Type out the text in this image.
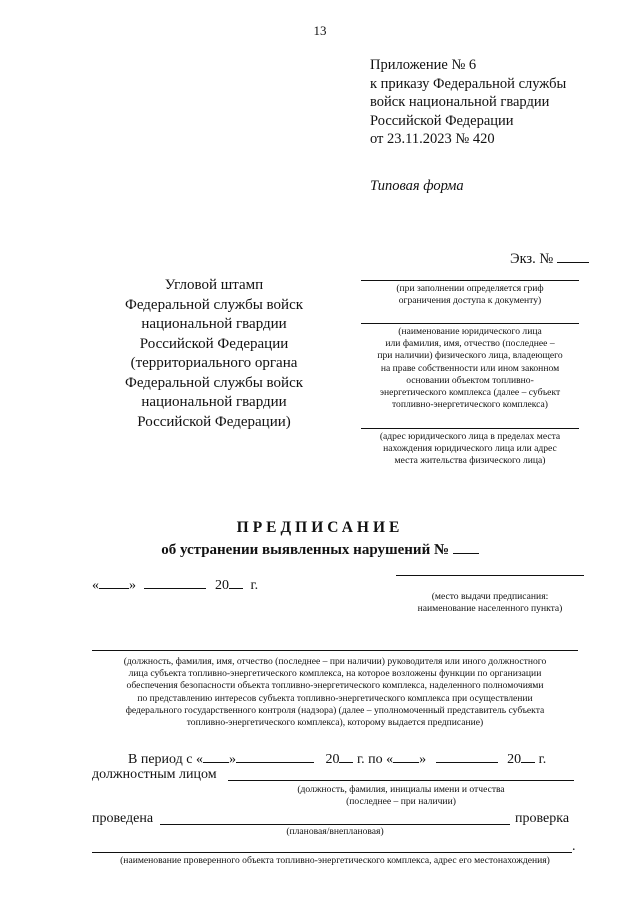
13
Приложение № 6
к приказу Федеральной службы
войск национальной гвардии
Российской Федерации
от 23.11.2023 № 420
Типовая форма
Экз. №
Угловой штамп
Федеральной службы войск
национальной гвардии
Российской Федерации
(территориального органа
Федеральной службы войск
национальной гвардии
Российской Федерации)
(при заполнении определяется гриф
ограничения доступа к документу)
(наименование юридического лица
или фамилия, имя, отчество (последнее –
при наличии) физического лица, владеющего
на праве собственности или ином законном
основании объектом топливно-
энергетического комплекса (далее – субъект
топливно-энергетического комплекса)
(адрес юридического лица в пределах места
нахождения юридического лица или адрес
места жительства физического лица)
ПРЕДПИСАНИЕ
об устранении выявленных нарушений №
« »	20 г.
(место выдачи предписания:
наименование населенного пункта)
(должность, фамилия, имя, отчество (последнее – при наличии) руководителя или иного должностного
лица субъекта топливно-энергетического комплекса, на которое возложены функции по организации
обеспечения безопасности объекта топливно-энергетического комплекса, наделенного полномочиями
по представлению интересов субъекта топливно-энергетического комплекса при осуществлении
федерального государственного контроля (надзора) (далее – уполномоченный представитель субъекта
топливно-энергетического комплекса), которому выдается предписание)
В период с « »	20 г. по « »	20 г.
должностным лицом
(должность, фамилия, инициалы имени и отчества
(последнее – при наличии)
проведена	проверка
(плановая/внеплановая)
.
(наименование проверенного объекта топливно-энергетического комплекса, адрес его местонахождения)
